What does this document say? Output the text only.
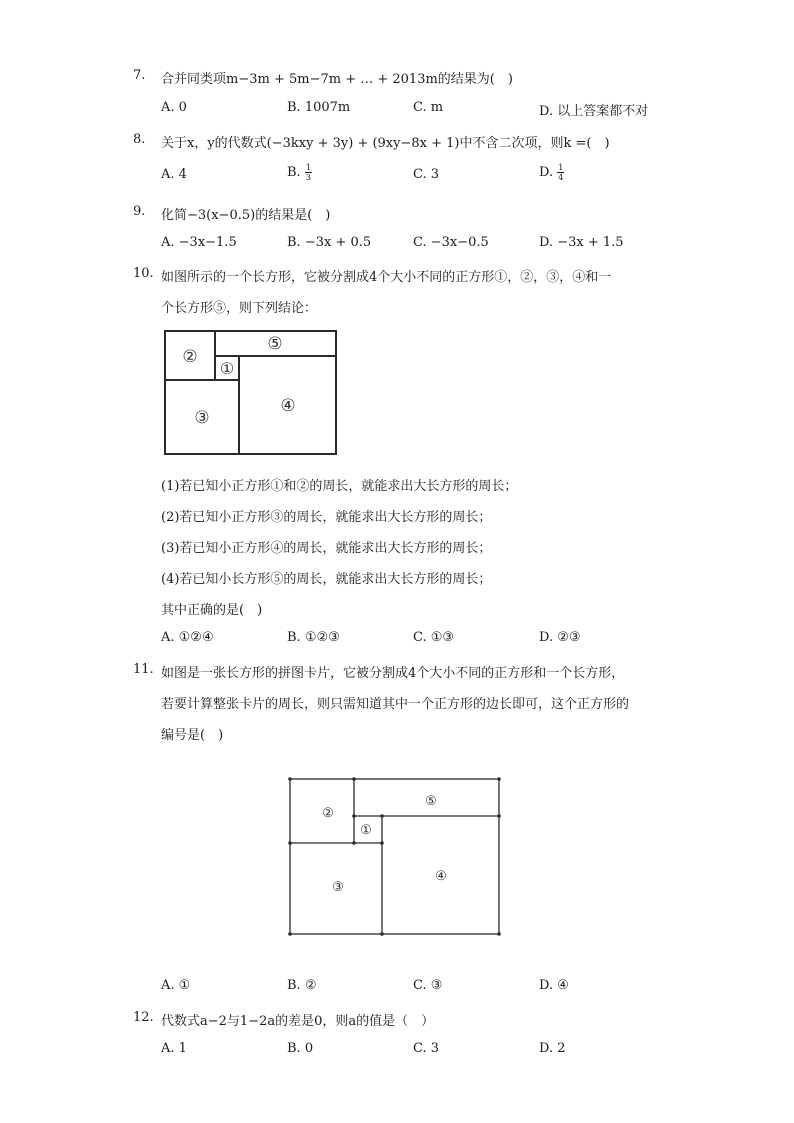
7. 合并同类项m−3m + 5m−7m + … + 2013m的结果为(　)
A. 0	B. 1007m	C. m	D. 以上答案都不对
8. 关于x，y的代数式(−3kxy + 3y) + (9xy−8x + 1)中不含二次项，则k =(　)
A. 4	B. $\frac{1}{3}$	C. 3	D. $\frac{1}{4}$
9. 化简−3(x−0.5)的结果是(　)
A. −3x−1.5	B. −3x + 0.5	C. −3x−0.5	D. −3x + 1.5
10. 如图所示的一个长方形，它被分割成4个大小不同的正方形①，②，③，④和一
个长方形⑤，则下列结论：
②
⑤
①
③
④
(1)若已知小正方形①和②的周长，就能求出大长方形的周长；
(2)若已知小正方形③的周长，就能求出大长方形的周长；
(3)若已知小正方形④的周长，就能求出大长方形的周长；
(4)若已知小长方形⑤的周长，就能求出大长方形的周长；
其中正确的是(　)
A. ①②④	B. ①②③	C. ①③	D. ②③
11. 如图是一张长方形的拼图卡片，它被分割成4个大小不同的正方形和一个长方形，
若要计算整张卡片的周长，则只需知道其中一个正方形的边长即可，这个正方形的
编号是(　)
②
⑤
①
③
④
A. ①	B. ②	C. ③	D. ④
12. 代数式a−2与1−2a的差是0，则a的值是（　）
A. 1	B. 0	C. 3	D. 2
